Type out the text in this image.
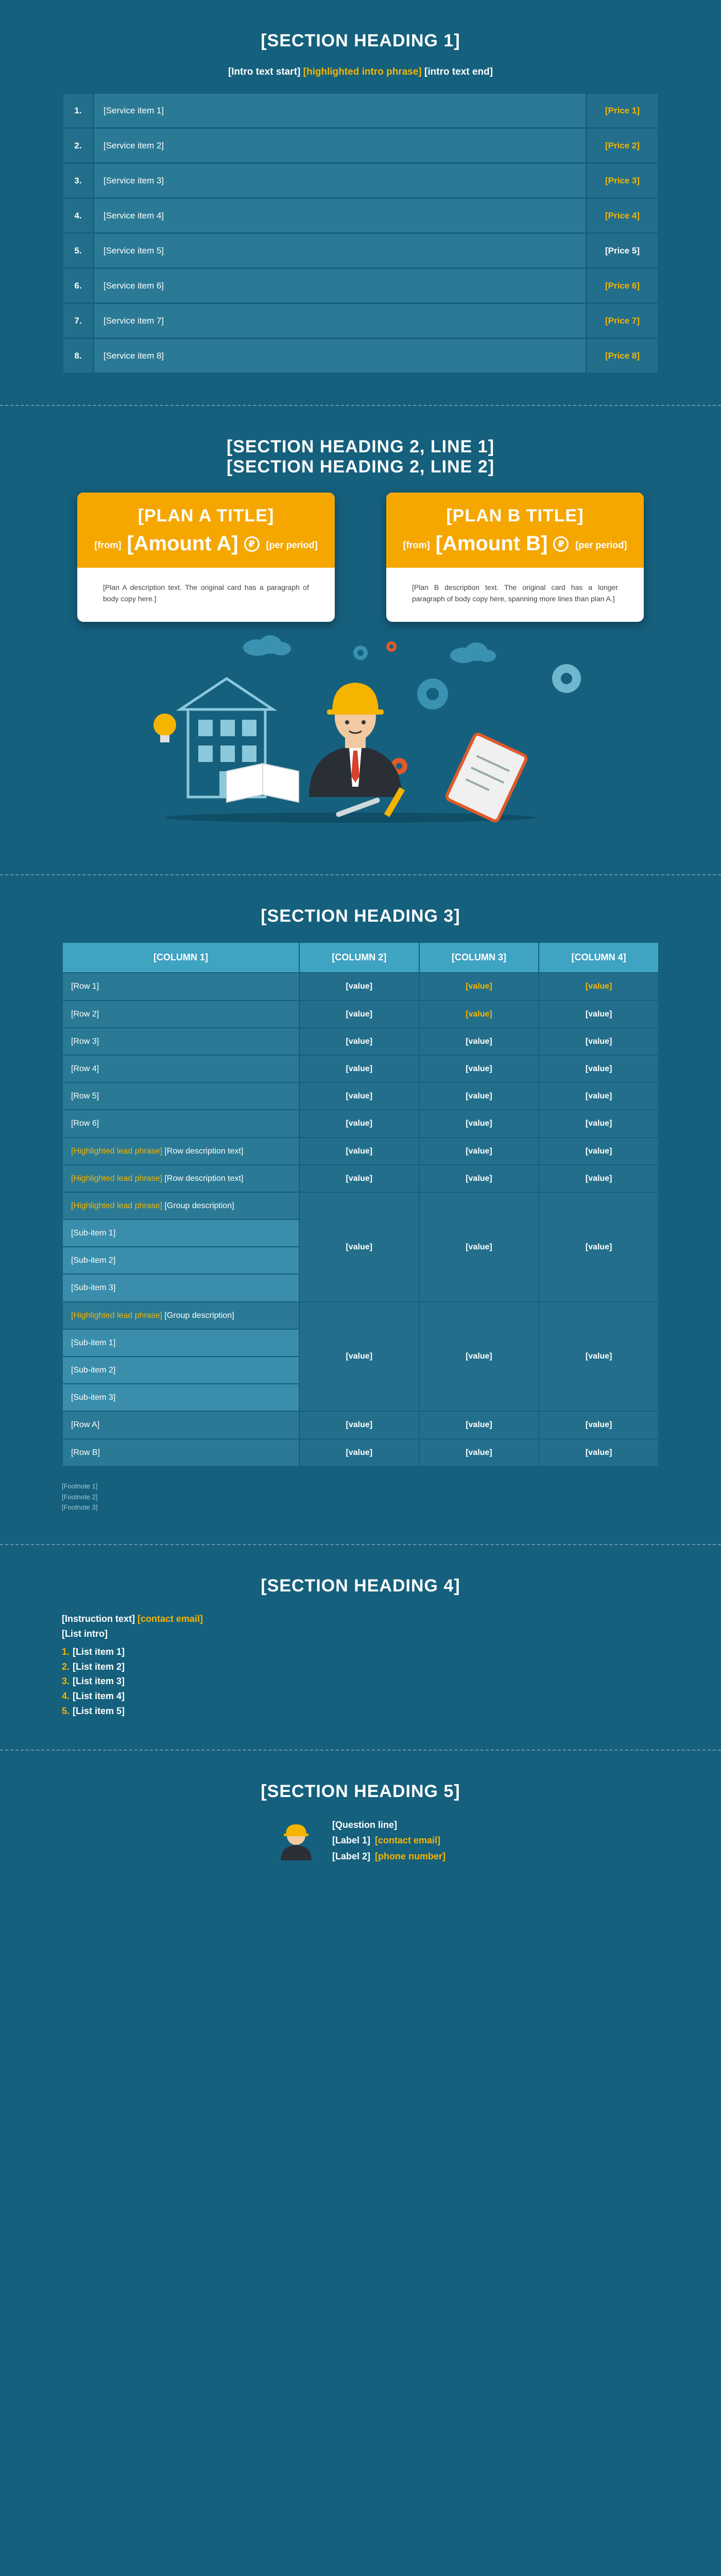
[SECTION HEADING 1]
[Intro text start] [highlighted intro phrase] [intro text end]
1.	[Service item 1]	[Price 1]
2.	[Service item 2]	[Price 2]
3.	[Service item 3]	[Price 3]
4.	[Service item 4]	[Price 4]
5.	[Service item 5]	[Price 5]
6.	[Service item 6]	[Price 6]
7.	[Service item 7]	[Price 7]
8.	[Service item 8]	[Price 8]
[SECTION HEADING 2, LINE 1]
[SECTION HEADING 2, LINE 2]
[PLAN A TITLE]
[from] [Amount A] ₽ [per period]
[Plan A description text. The original card has a paragraph of body copy here.]
[PLAN B TITLE]
[from] [Amount B] ₽ [per period]
[Plan B description text. The original card has a longer paragraph of body copy here, spanning more lines than plan A.]
[SECTION HEADING 3]
[COLUMN 1]	[COLUMN 2]	[COLUMN 3]	[COLUMN 4]
[Row 1]	[value]	[value]	[value]
[Row 2]	[value]	[value]	[value]
[Row 3]	[value]	[value]	[value]
[Row 4]	[value]	[value]	[value]
[Row 5]	[value]	[value]	[value]
[Row 6]	[value]	[value]	[value]
[Highlighted lead phrase] [Row description text]	[value]	[value]	[value]
[Highlighted lead phrase] [Row description text]	[value]	[value]	[value]
[Highlighted lead phrase] [Group description]	[value]	[value]	[value]
[Sub-item 1]			
[Sub-item 2]			
[Sub-item 3]			
[Highlighted lead phrase] [Group description]	[value]	[value]	[value]
[Sub-item 1]			
[Sub-item 2]			
[Sub-item 3]			
[Row A]	[value]	[value]	[value]
[Row B]	[value]	[value]	[value]
[Footnote 1]
[Footnote 2]
[Footnote 3]
[SECTION HEADING 4]

[Instruction text] [contact email]

[List intro]

1. [List item 1]
2. [List item 2]
3. [List item 3]
4. [List item 4]
5. [List item 5]
[SECTION HEADING 5]
[Question line]
[Label 1] [contact email]
[Label 2] [phone number]
